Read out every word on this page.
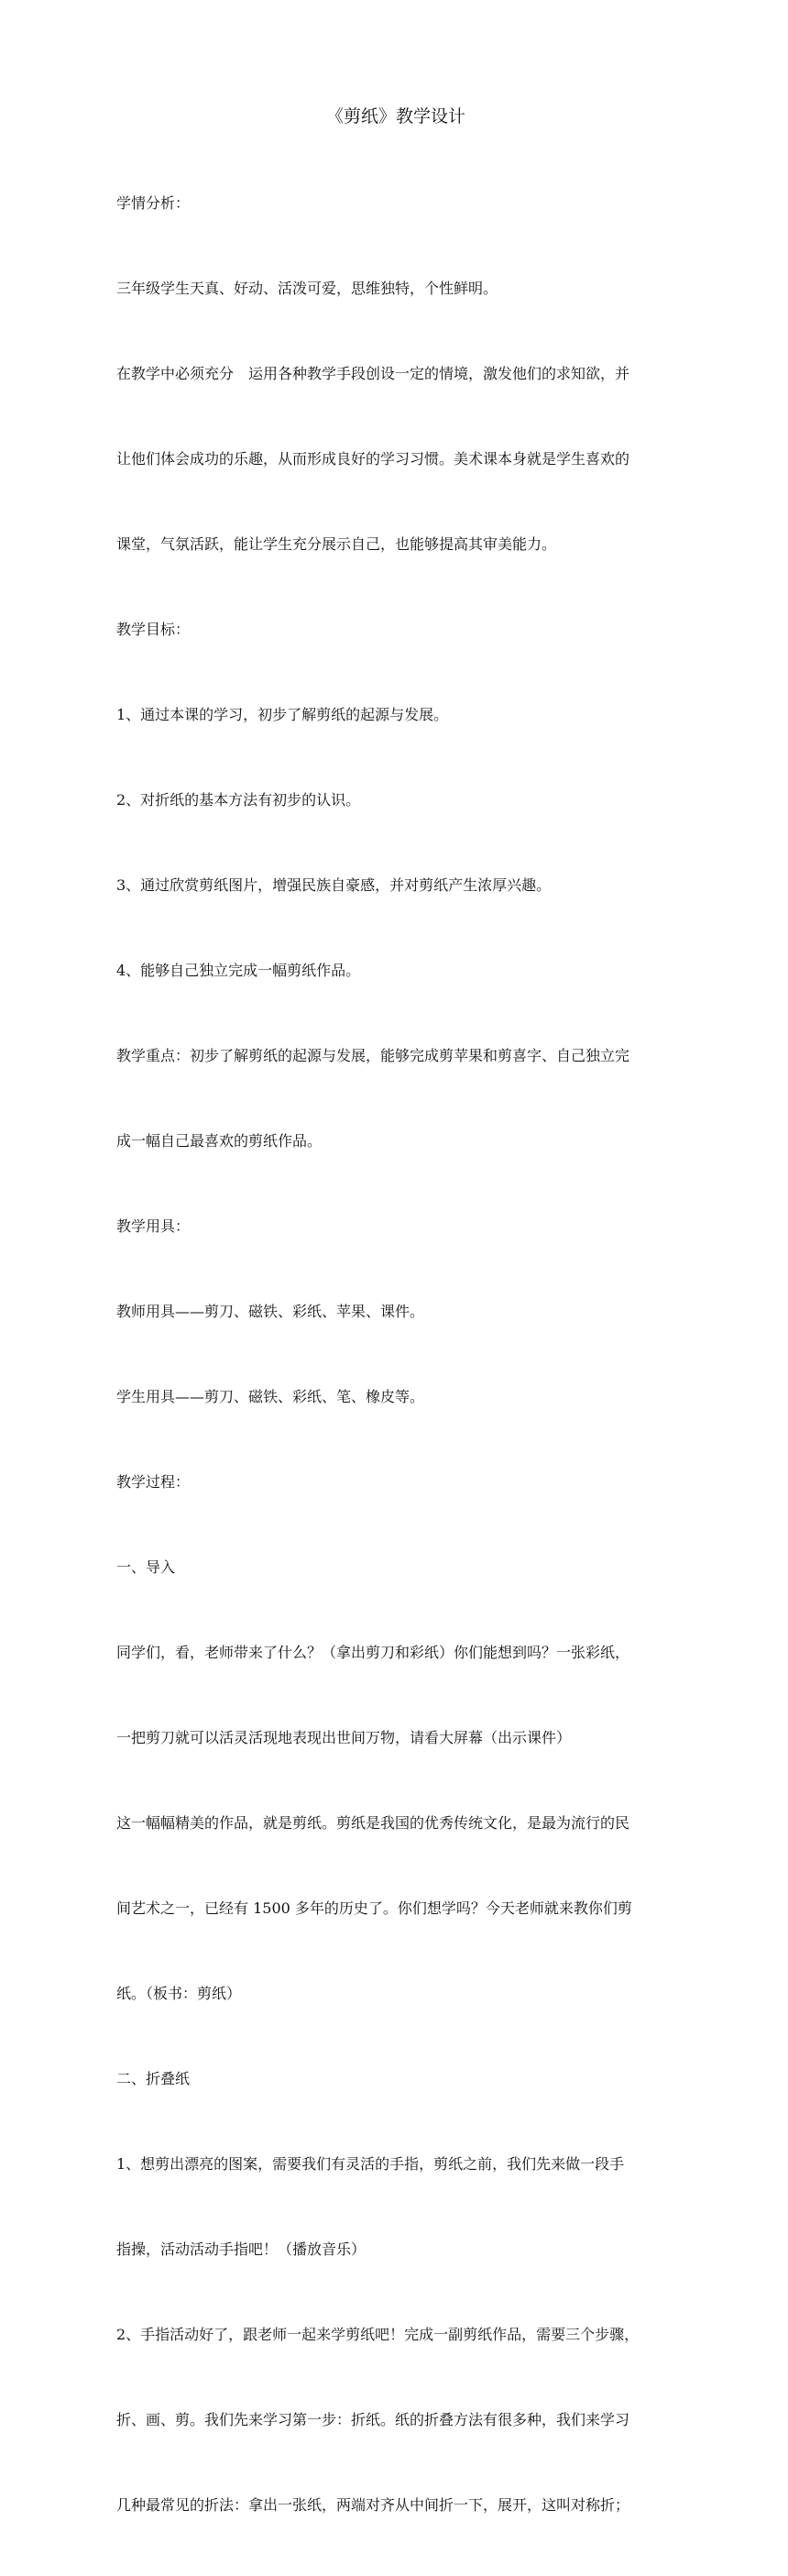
《剪纸》教学设计

学情分析：

三年级学生天真、好动、活泼可爱，思维独特，个性鲜明。

在教学中必须充分　运用各种教学手段创设一定的情境，激发他们的求知欲，并

让他们体会成功的乐趣，从而形成良好的学习习惯。美术课本身就是学生喜欢的

课堂，气氛活跃，能让学生充分展示自己，也能够提高其审美能力。

教学目标：

1、通过本课的学习，初步了解剪纸的起源与发展。

2、对折纸的基本方法有初步的认识。

3、通过欣赏剪纸图片，增强民族自豪感，并对剪纸产生浓厚兴趣。

4、能够自己独立完成一幅剪纸作品。

教学重点：初步了解剪纸的起源与发展，能够完成剪苹果和剪喜字、自己独立完

成一幅自己最喜欢的剪纸作品。

教学用具：

教师用具——剪刀、磁铁、彩纸、苹果、课件。

学生用具——剪刀、磁铁、彩纸、笔、橡皮等。

教学过程：

一、导入

同学们，看，老师带来了什么？（拿出剪刀和彩纸）你们能想到吗？一张彩纸，

一把剪刀就可以活灵活现地表现出世间万物，请看大屏幕（出示课件）

这一幅幅精美的作品，就是剪纸。剪纸是我国的优秀传统文化，是最为流行的民

间艺术之一，已经有 1500 多年的历史了。你们想学吗？今天老师就来教你们剪

纸。（板书：剪纸）

二、折叠纸

1、想剪出漂亮的图案，需要我们有灵活的手指，剪纸之前，我们先来做一段手

指操，活动活动手指吧！（播放音乐）

2、手指活动好了，跟老师一起来学剪纸吧！完成一副剪纸作品，需要三个步骤，

折、画、剪。我们先来学习第一步：折纸。纸的折叠方法有很多种，我们来学习

几种最常见的折法：拿出一张纸，两端对齐从中间折一下，展开，这叫对称折；
